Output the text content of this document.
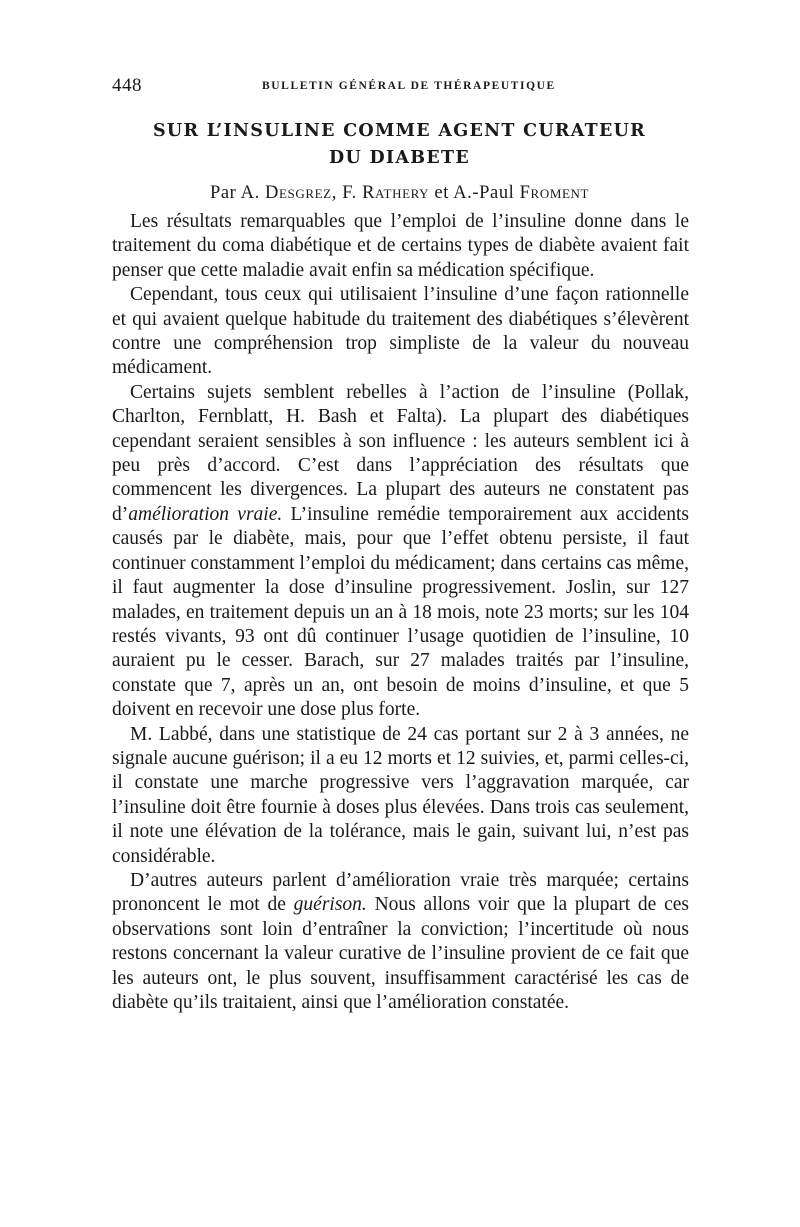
448	BULLETIN GÉNÉRAL DE THÉRAPEUTIQUE
SUR L’INSULINE COMME AGENT CURATEUR
DU DIABETE
Par A. Desgrez, F. Rathery et A.-Paul Froment

Les résultats remarquables que l’emploi de l’insuline donne dans le traitement du coma diabétique et de certains types de diabète avaient fait penser que cette maladie avait enfin sa médication spécifique.

Cependant, tous ceux qui utilisaient l’insuline d’une façon rationnelle et qui avaient quelque habitude du traitement des diabétiques s’élevèrent contre une compréhension trop simpliste de la valeur du nouveau médicament.

Certains sujets semblent rebelles à l’action de l’insuline (Pollak, Charlton, Fernblatt, H. Bash et Falta). La plupart des diabétiques cependant seraient sensibles à son influence : les auteurs semblent ici à peu près d’accord. C’est dans l’appréciation des résultats que commencent les divergences. La plupart des auteurs ne constatent pas d’amélioration vraie. L’insuline remédie temporairement aux accidents causés par le diabète, mais, pour que l’effet obtenu persiste, il faut continuer constamment l’emploi du médicament; dans certains cas même, il faut augmenter la dose d’insuline progressivement. Joslin, sur 127 malades, en traitement depuis un an à 18 mois, note 23 morts; sur les 104 restés vivants, 93 ont dû continuer l’usage quotidien de l’insuline, 10 auraient pu le cesser. Barach, sur 27 malades traités par l’insuline, constate que 7, après un an, ont besoin de moins d’insuline, et que 5 doivent en recevoir une dose plus forte.

M. Labbé, dans une statistique de 24 cas portant sur 2 à 3 années, ne signale aucune guérison; il a eu 12 morts et 12 suivies, et, parmi celles-ci, il constate une marche progressive vers l’aggravation marquée, car l’insuline doit être fournie à doses plus élevées. Dans trois cas seulement, il note une élévation de la tolérance, mais le gain, suivant lui, n’est pas considérable.

D’autres auteurs parlent d’amélioration vraie très marquée; certains prononcent le mot de guérison. Nous allons voir que la plupart de ces observations sont loin d’entraîner la conviction; l’incertitude où nous restons concernant la valeur curative de l’insuline provient de ce fait que les auteurs ont, le plus souvent, insuffisamment caractérisé les cas de diabète qu’ils traitaient, ainsi que l’amélioration constatée.
